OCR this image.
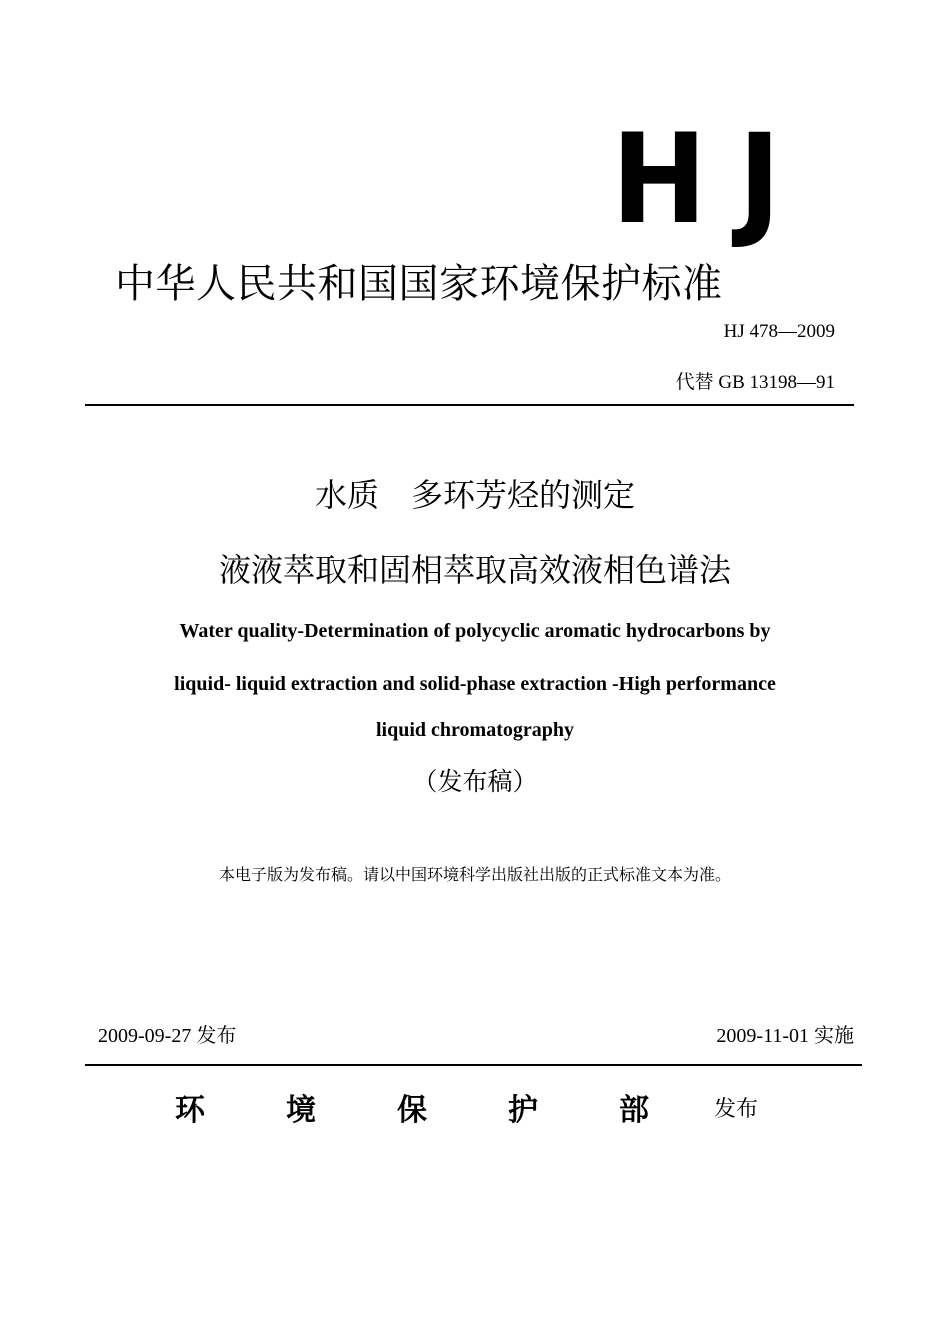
HJ
中华人民共和国国家环境保护标准
HJ 478—2009
代替 GB 13198—91
水质　多环芳烃的测定
液液萃取和固相萃取高效液相色谱法
Water quality-Determination of polycyclic aromatic hydrocarbons by
liquid- liquid extraction and solid-phase extraction -High performance
liquid chromatography
（发布稿）
本电子版为发布稿。请以中国环境科学出版社出版的正式标准文本为准。
2009-09-27 发布	2009-11-01 实施
环	境	保	护	部	发布
